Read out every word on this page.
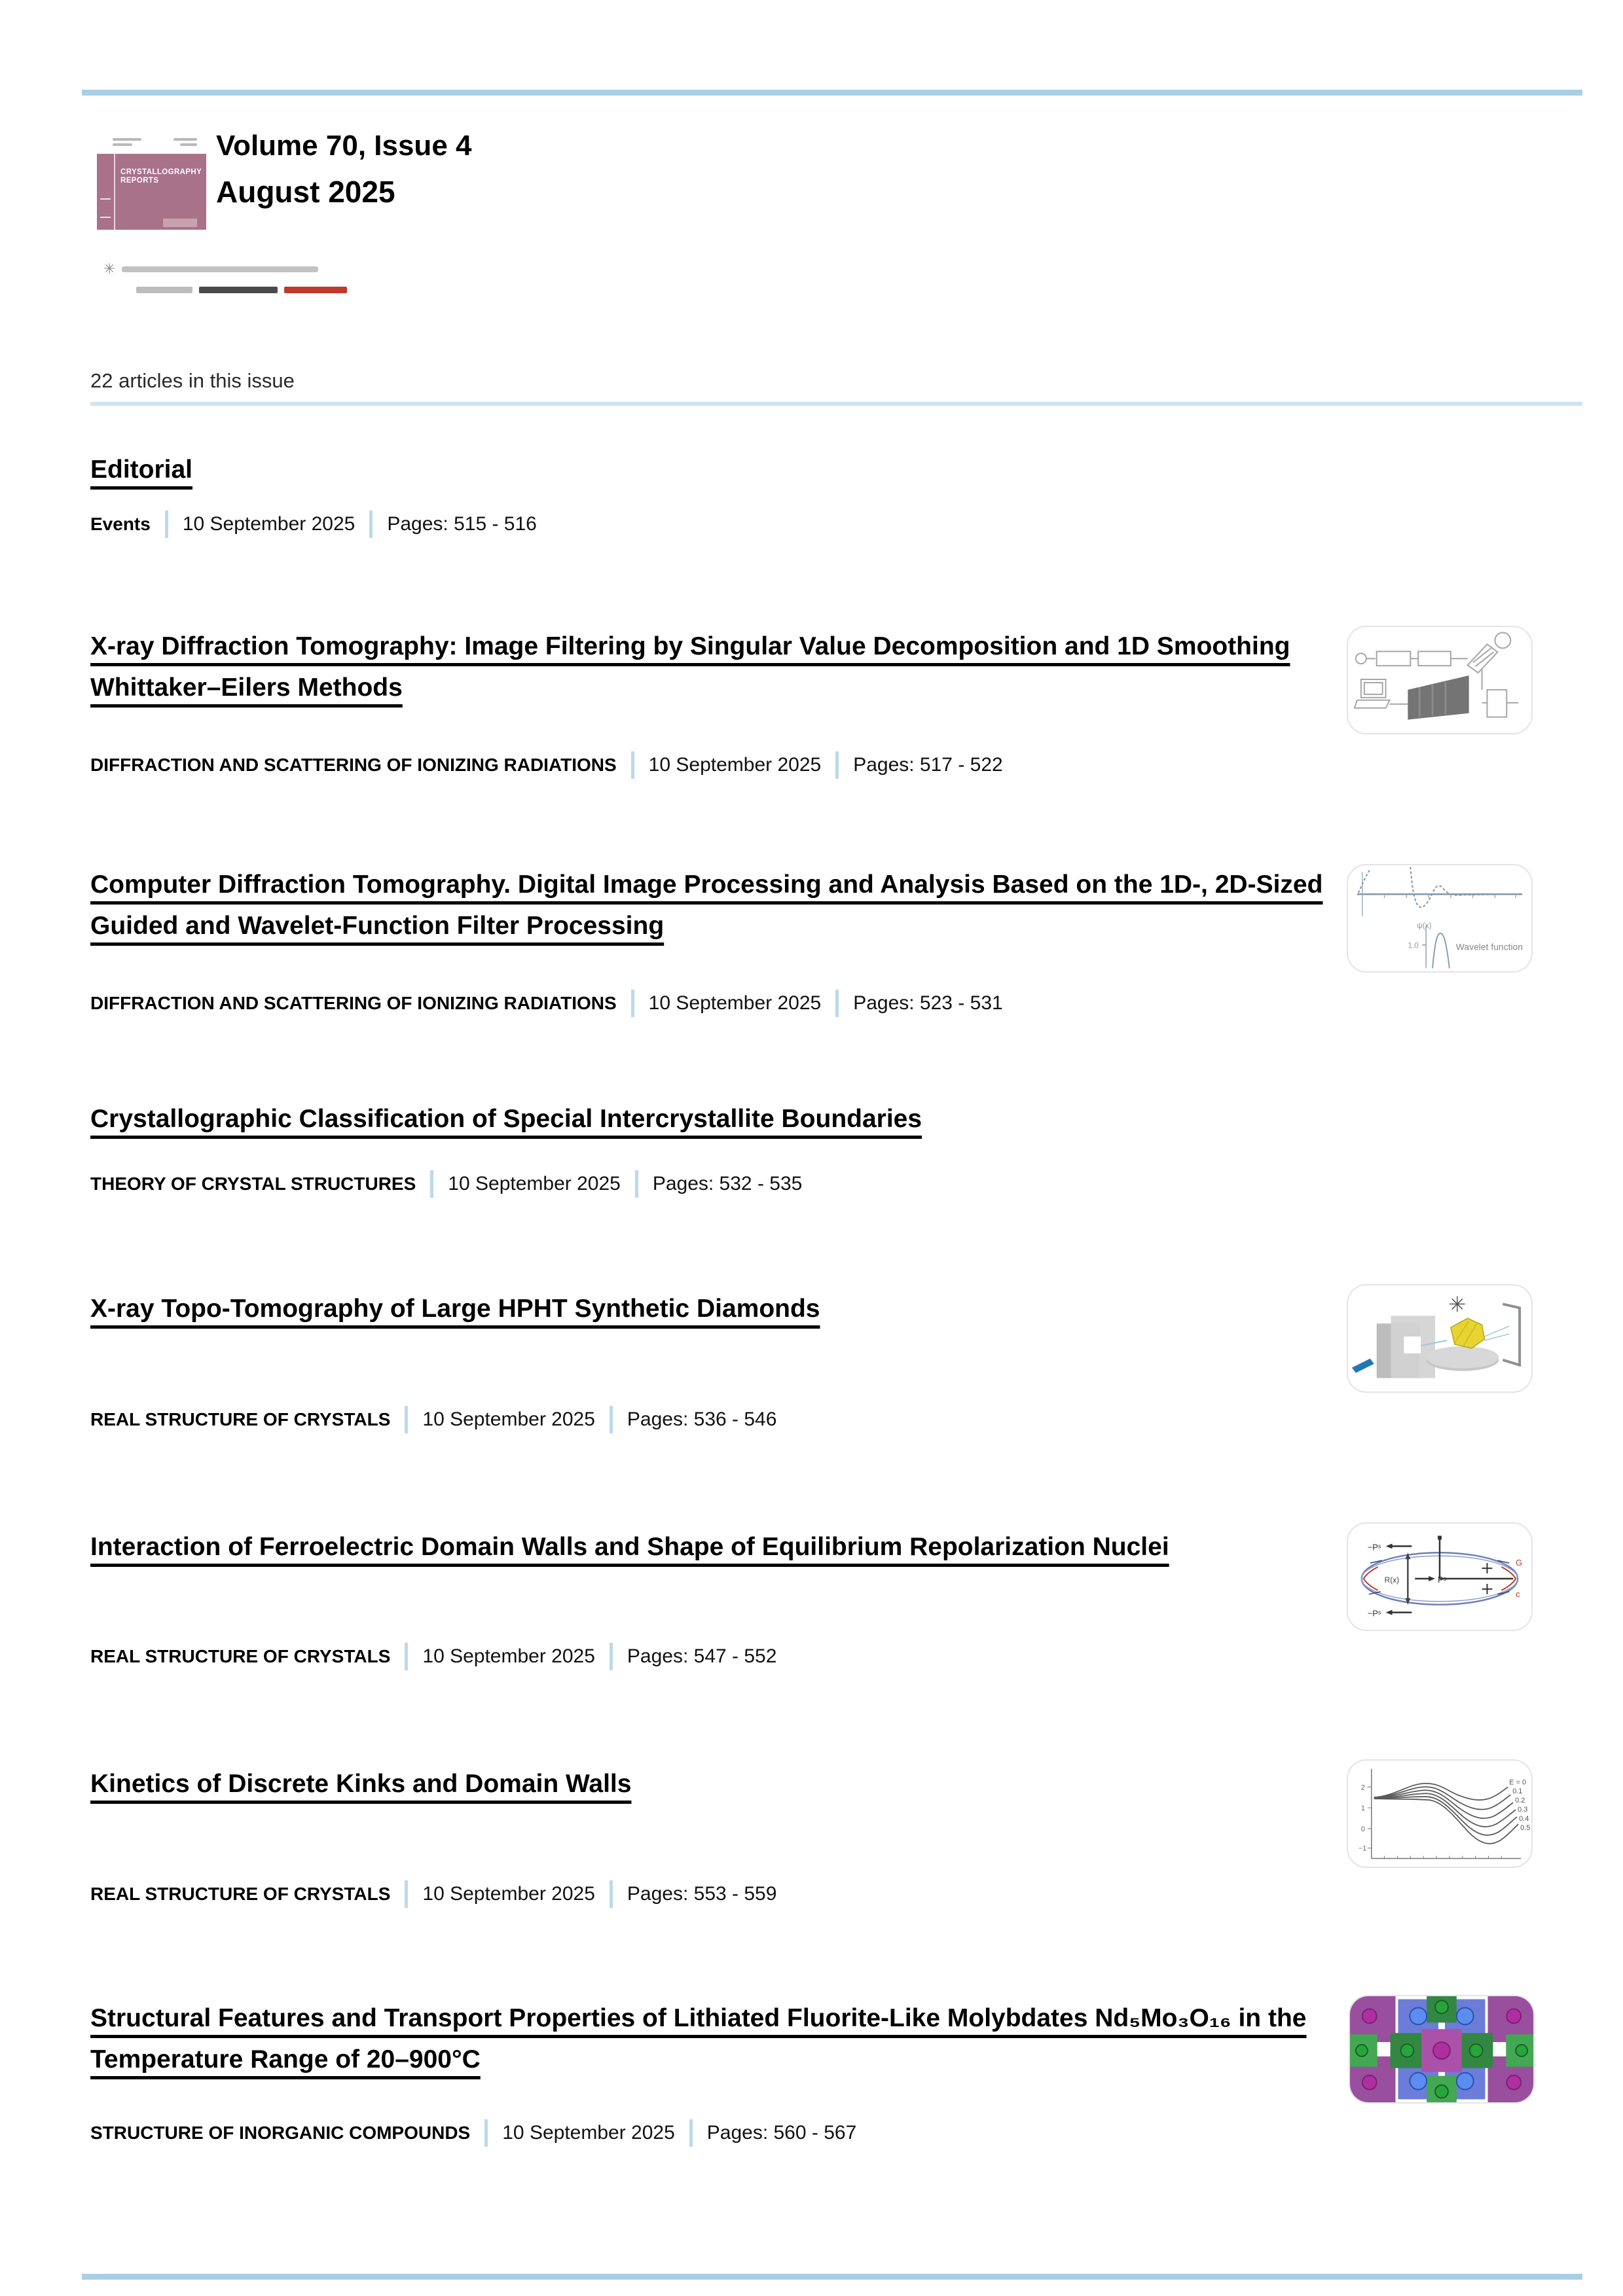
CRYSTALLOGRAPHY
REPORTS
Volume 70, Issue 4
August 2025
✳
22 articles in this issue
Editorial
Events 10 September 2025 Pages: 515 - 516
X-ray Diffraction Tomography: Image Filtering by Singular Value Decomposition and 1D Smoothing Whittaker–Eilers Methods
DIFFRACTION AND SCATTERING OF IONIZING RADIATIONS 10 September 2025 Pages: 517 - 522
Computer Diffraction Tomography. Digital Image Processing and Analysis Based on the 1D-, 2D-Sized Guided and Wavelet-Function Filter Processing
DIFFRACTION AND SCATTERING OF IONIZING RADIATIONS 10 September 2025 Pages: 523 - 531
ψ(x)
1.0	Wavelet function
Crystallographic Classification of Special Intercrystallite Boundaries
THEORY OF CRYSTAL STRUCTURES 10 September 2025 Pages: 532 - 535
X-ray Topo-Tomography of Large HPHT Synthetic Diamonds
REAL STRUCTURE OF CRYSTALS 10 September 2025 Pages: 536 - 546
Interaction of Ferroelectric Domain Walls and Shape of Equilibrium Repolarization Nuclei
REAL STRUCTURE OF CRYSTALS 10 September 2025 Pages: 547 - 552
−Pˢ
−Pˢ
Pˢ
R(x)
G
c
Kinetics of Discrete Kinks and Domain Walls
REAL STRUCTURE OF CRYSTALS 10 September 2025 Pages: 553 - 559
2
1
0
−1
E = 0
0.1
0.2
0.3
0.4
0.5
Structural Features and Transport Properties of Lithiated Fluorite-Like Molybdates Nd₅Mo₃O₁₆ in the Temperature Range of 20–900°C
STRUCTURE OF INORGANIC COMPOUNDS 10 September 2025 Pages: 560 - 567
